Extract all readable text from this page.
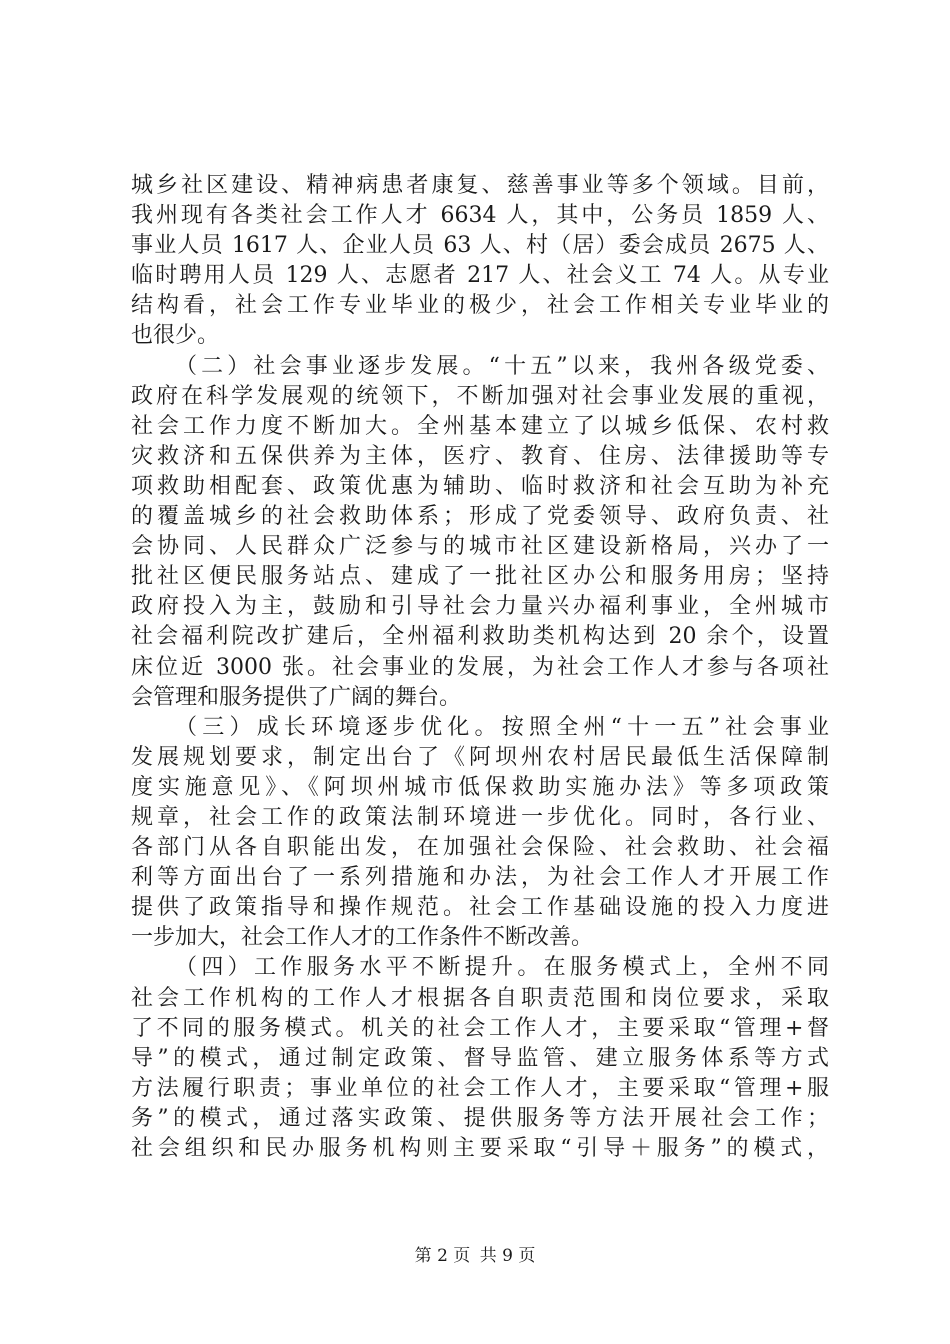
城乡社区建设、精神病患者康复、慈善事业等多个领域。目前，
我州现有各类社会工作人才 6634 人，其中，公务员 1859 人、
事业人员 1617 人、企业人员 63 人、村（居）委会成员 2675 人、
临时聘用人员 129 人、志愿者 217 人、社会义工 74 人。从专业
结构看，社会工作专业毕业的极少，社会工作相关专业毕业的
也很少。
（二）社会事业逐步发展。“十五”以来，我州各级党委、
政府在科学发展观的统领下，不断加强对社会事业发展的重视，
社会工作力度不断加大。全州基本建立了以城乡低保、农村救
灾救济和五保供养为主体，医疗、教育、住房、法律援助等专
项救助相配套、政策优惠为辅助、临时救济和社会互助为补充
的覆盖城乡的社会救助体系；形成了党委领导、政府负责、社
会协同、人民群众广泛参与的城市社区建设新格局，兴办了一
批社区便民服务站点、建成了一批社区办公和服务用房；坚持
政府投入为主，鼓励和引导社会力量兴办福利事业，全州城市
社会福利院改扩建后，全州福利救助类机构达到 20 余个，设置
床位近 3000 张。社会事业的发展，为社会工作人才参与各项社
会管理和服务提供了广阔的舞台。
（三）成长环境逐步优化。按照全州“十一五”社会事业
发展规划要求，制定出台了《阿坝州农村居民最低生活保障制
度实施意见》、《阿坝州城市低保救助实施办法》等多项政策
规章，社会工作的政策法制环境进一步优化。同时，各行业、
各部门从各自职能出发，在加强社会保险、社会救助、社会福
利等方面出台了一系列措施和办法，为社会工作人才开展工作
提供了政策指导和操作规范。社会工作基础设施的投入力度进
一步加大，社会工作人才的工作条件不断改善。
（四）工作服务水平不断提升。在服务模式上，全州不同
社会工作机构的工作人才根据各自职责范围和岗位要求，采取
了不同的服务模式。机关的社会工作人才，主要采取“管理+督
导”的模式，通过制定政策、督导监管、建立服务体系等方式
方法履行职责；事业单位的社会工作人才，主要采取“管理+服
务”的模式，通过落实政策、提供服务等方法开展社会工作；
社会组织和民办服务机构则主要采取“引导＋服务”的模式，
第 2 页 共 9 页
